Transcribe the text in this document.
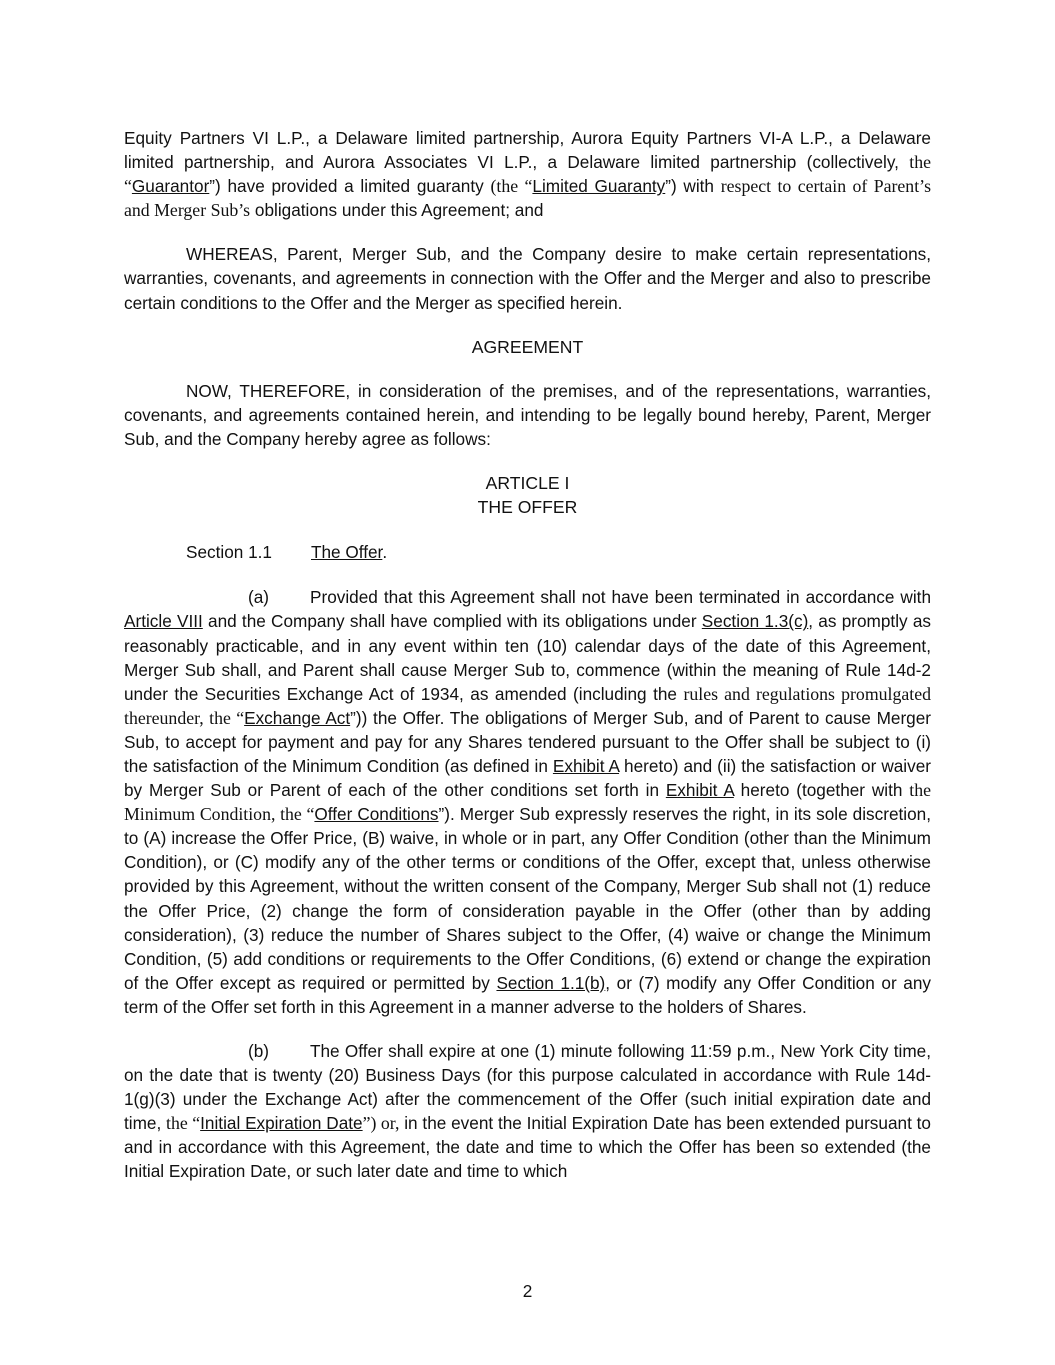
Equity Partners VI L.P., a Delaware limited partnership, Aurora Equity Partners VI-A L.P., a Delaware limited partnership, and Aurora Associates VI L.P., a Delaware limited partnership (collectively, the “Guarantor”) have provided a limited guaranty (the “Limited Guaranty”) with respect to certain of Parent’s and Merger Sub’s obligations under this Agreement; and

WHEREAS, Parent, Merger Sub, and the Company desire to make certain representations, warranties, covenants, and agreements in connection with the Offer and the Merger and also to prescribe certain conditions to the Offer and the Merger as specified herein.

AGREEMENT

NOW, THEREFORE, in consideration of the premises, and of the representations, warranties, covenants, and agreements contained herein, and intending to be legally bound hereby, Parent, Merger Sub, and the Company hereby agree as follows:

ARTICLE I
THE OFFER
Section 1.1 The Offer.

(a) Provided that this Agreement shall not have been terminated in accordance with Article VIII and the Company shall have complied with its obligations under Section 1.3(c), as promptly as reasonably practicable, and in any event within ten (10) calendar days of the date of this Agreement, Merger Sub shall, and Parent shall cause Merger Sub to, commence (within the meaning of Rule 14d-2 under the Securities Exchange Act of 1934, as amended (including the rules and regulations promulgated thereunder, the “Exchange Act”)) the Offer. The obligations of Merger Sub, and of Parent to cause Merger Sub, to accept for payment and pay for any Shares tendered pursuant to the Offer shall be subject to (i) the satisfaction of the Minimum Condition (as defined in Exhibit A hereto) and (ii) the satisfaction or waiver by Merger Sub or Parent of each of the other conditions set forth in Exhibit A hereto (together with the Minimum Condition, the “Offer Conditions”). Merger Sub expressly reserves the right, in its sole discretion, to (A) increase the Offer Price, (B) waive, in whole or in part, any Offer Condition (other than the Minimum Condition), or (C) modify any of the other terms or conditions of the Offer, except that, unless otherwise provided by this Agreement, without the written consent of the Company, Merger Sub shall not (1) reduce the Offer Price, (2) change the form of consideration payable in the Offer (other than by adding consideration), (3) reduce the number of Shares subject to the Offer, (4) waive or change the Minimum Condition, (5) add conditions or requirements to the Offer Conditions, (6) extend or change the expiration of the Offer except as required or permitted by Section 1.1(b), or (7) modify any Offer Condition or any term of the Offer set forth in this Agreement in a manner adverse to the holders of Shares.

(b) The Offer shall expire at one (1) minute following 11:59 p.m., New York City time, on the date that is twenty (20) Business Days (for this purpose calculated in accordance with Rule 14d-1(g)(3) under the Exchange Act) after the commencement of the Offer (such initial expiration date and time, the “Initial Expiration Date”) or, in the event the Initial Expiration Date has been extended pursuant to and in accordance with this Agreement, the date and time to which the Offer has been so extended (the Initial Expiration Date, or such later date and time to which

2
